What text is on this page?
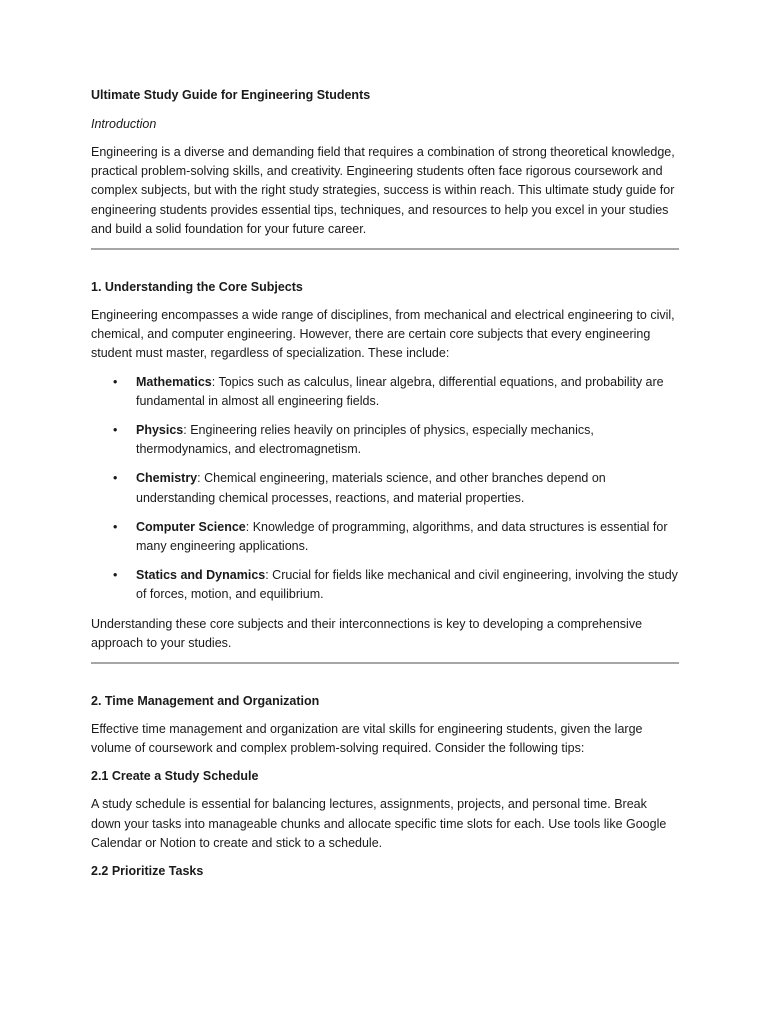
Ultimate Study Guide for Engineering Students

Introduction

Engineering is a diverse and demanding field that requires a combination of strong theoretical knowledge, practical problem-solving skills, and creativity. Engineering students often face rigorous coursework and complex subjects, but with the right study strategies, success is within reach. This ultimate study guide for engineering students provides essential tips, techniques, and resources to help you excel in your studies and build a solid foundation for your future career.

1. Understanding the Core Subjects

Engineering encompasses a wide range of disciplines, from mechanical and electrical engineering to civil, chemical, and computer engineering. However, there are certain core subjects that every engineering student must master, regardless of specialization. These include:

• Mathematics: Topics such as calculus, linear algebra, differential equations, and probability are fundamental in almost all engineering fields.
• Physics: Engineering relies heavily on principles of physics, especially mechanics, thermodynamics, and electromagnetism.
• Chemistry: Chemical engineering, materials science, and other branches depend on understanding chemical processes, reactions, and material properties.
• Computer Science: Knowledge of programming, algorithms, and data structures is essential for many engineering applications.
• Statics and Dynamics: Crucial for fields like mechanical and civil engineering, involving the study of forces, motion, and equilibrium.

Understanding these core subjects and their interconnections is key to developing a comprehensive approach to your studies.

2. Time Management and Organization

Effective time management and organization are vital skills for engineering students, given the large volume of coursework and complex problem-solving required. Consider the following tips:

2.1 Create a Study Schedule

A study schedule is essential for balancing lectures, assignments, projects, and personal time. Break down your tasks into manageable chunks and allocate specific time slots for each. Use tools like Google Calendar or Notion to create and stick to a schedule.

2.2 Prioritize Tasks
